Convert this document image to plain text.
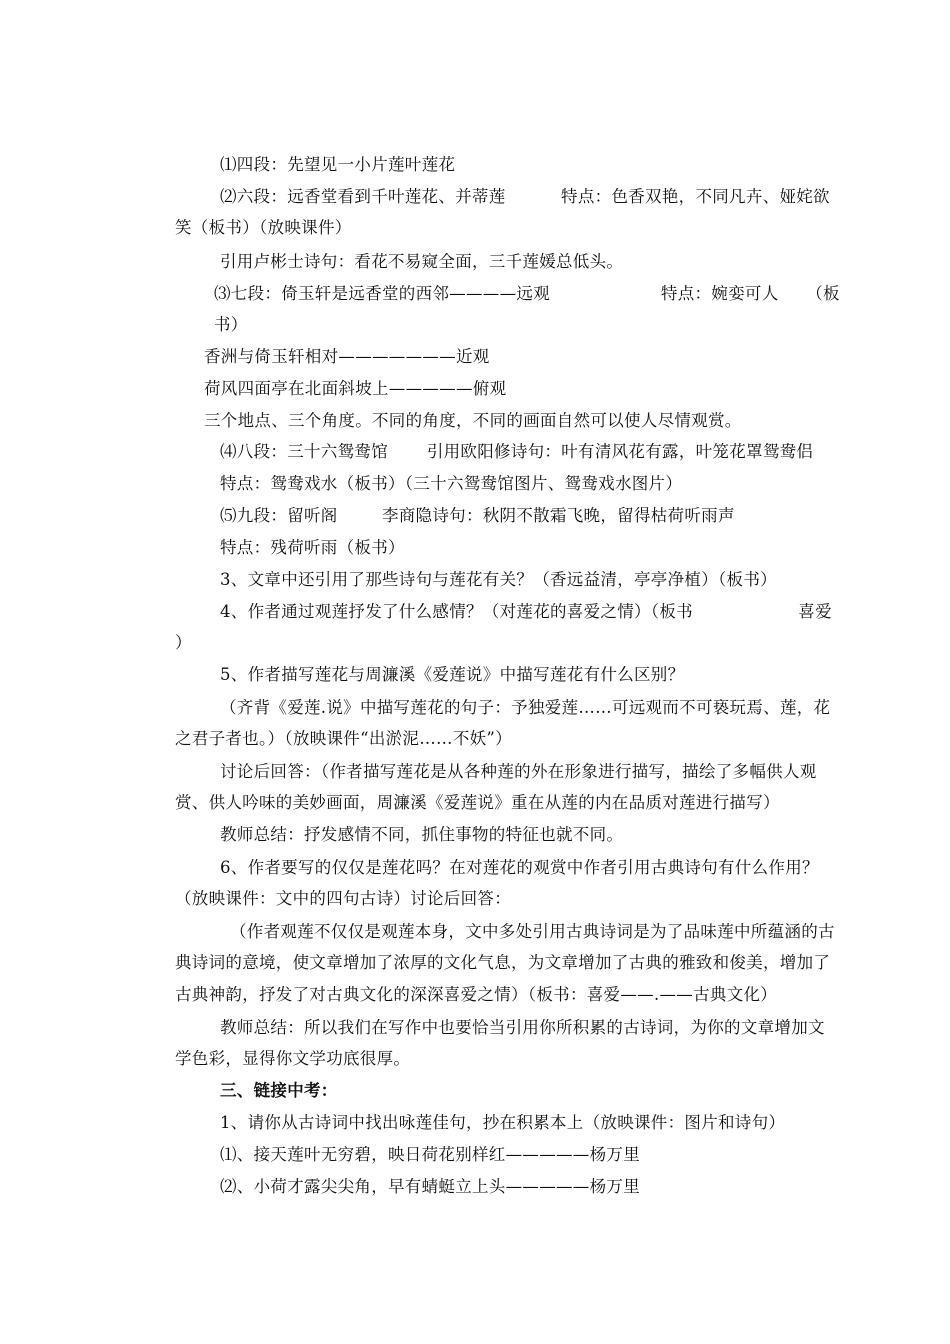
⑴四段：先望见一小片莲叶莲花
⑵六段：远香堂看到千叶莲花、并蒂莲          特点：色香双艳，不同凡卉、娅姹欲
笑（板书）（放映课件）
引用卢彬士诗句：看花不易窥全面，三千莲媛总低头。
⑶七段：倚玉轩是远香堂的西邻————远观                    特点：婉娈可人     （板
书）
香洲与倚玉轩相对———————近观
荷风四面亭在北面斜坡上—————俯观
三个地点、三个角度。不同的角度，不同的画面自然可以使人尽情观赏。
⑷八段：三十六鸳鸯馆       引用欧阳修诗句：叶有清风花有露，叶笼花罩鸳鸯侣
特点：鸳鸯戏水（板书）（三十六鸳鸯馆图片、鸳鸯戏水图片）
⑸九段：留听阁        李商隐诗句：秋阴不散霜飞晚，留得枯荷听雨声
特点：残荷听雨（板书）
3、文章中还引用了那些诗句与莲花有关？（香远益清，亭亭净植）（板书）
4、作者通过观莲抒发了什么感情？（对莲花的喜爱之情）（板书                   喜爱
）
5、作者描写莲花与周濂溪《爱莲说》中描写莲花有什么区别？
（齐背《爱莲.说》中描写莲花的句子：予独爱莲……可远观而不可亵玩焉、莲，花
之君子者也。）（放映课件“出淤泥……不妖”）
讨论后回答：（作者描写莲花是从各种莲的外在形象进行描写，描绘了多幅供人观
赏、供人吟味的美妙画面，周濂溪《爱莲说》重在从莲的内在品质对莲进行描写）
教师总结：抒发感情不同，抓住事物的特征也就不同。
6、作者要写的仅仅是莲花吗？在对莲花的观赏中作者引用古典诗句有什么作用？
（放映课件：文中的四句古诗）讨论后回答：
（作者观莲不仅仅是观莲本身，文中多处引用古典诗词是为了品味莲中所蕴涵的古
典诗词的意境，使文章增加了浓厚的文化气息，为文章增加了古典的雅致和俊美，增加了
古典神韵，抒发了对古典文化的深深喜爱之情）（板书：喜爱——.——古典文化）
教师总结：所以我们在写作中也要恰当引用你所积累的古诗词，为你的文章增加文
学色彩，显得你文学功底很厚。
三、链接中考：
1、请你从古诗词中找出咏莲佳句，抄在积累本上（放映课件：图片和诗句）
⑴、接天莲叶无穷碧，映日荷花别样红—————杨万里
⑵、小荷才露尖尖角，早有蜻蜓立上头—————杨万里
